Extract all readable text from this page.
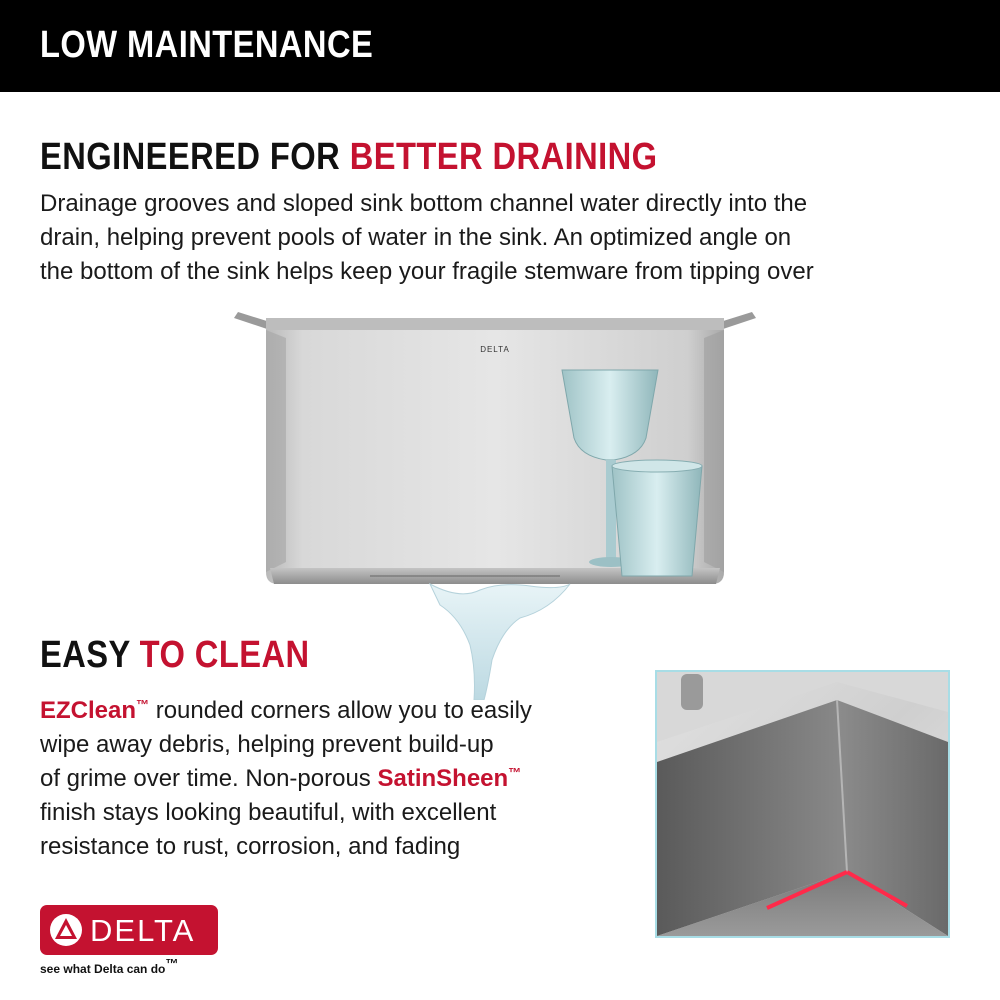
LOW MAINTENANCE
ENGINEERED FOR BETTER DRAINING
Drainage grooves and sloped sink bottom channel water directly into the
drain, helping prevent pools of water in the sink. An optimized angle on
the bottom of the sink helps keep your fragile stemware from tipping over
DELTA
EASY TO CLEAN
EZClean™ rounded corners allow you to easily
wipe away debris, helping prevent build-up
of grime over time. Non-porous SatinSheen™
finish stays looking beautiful, with excellent
resistance to rust, corrosion, and fading
DELTA
see what Delta can do™
